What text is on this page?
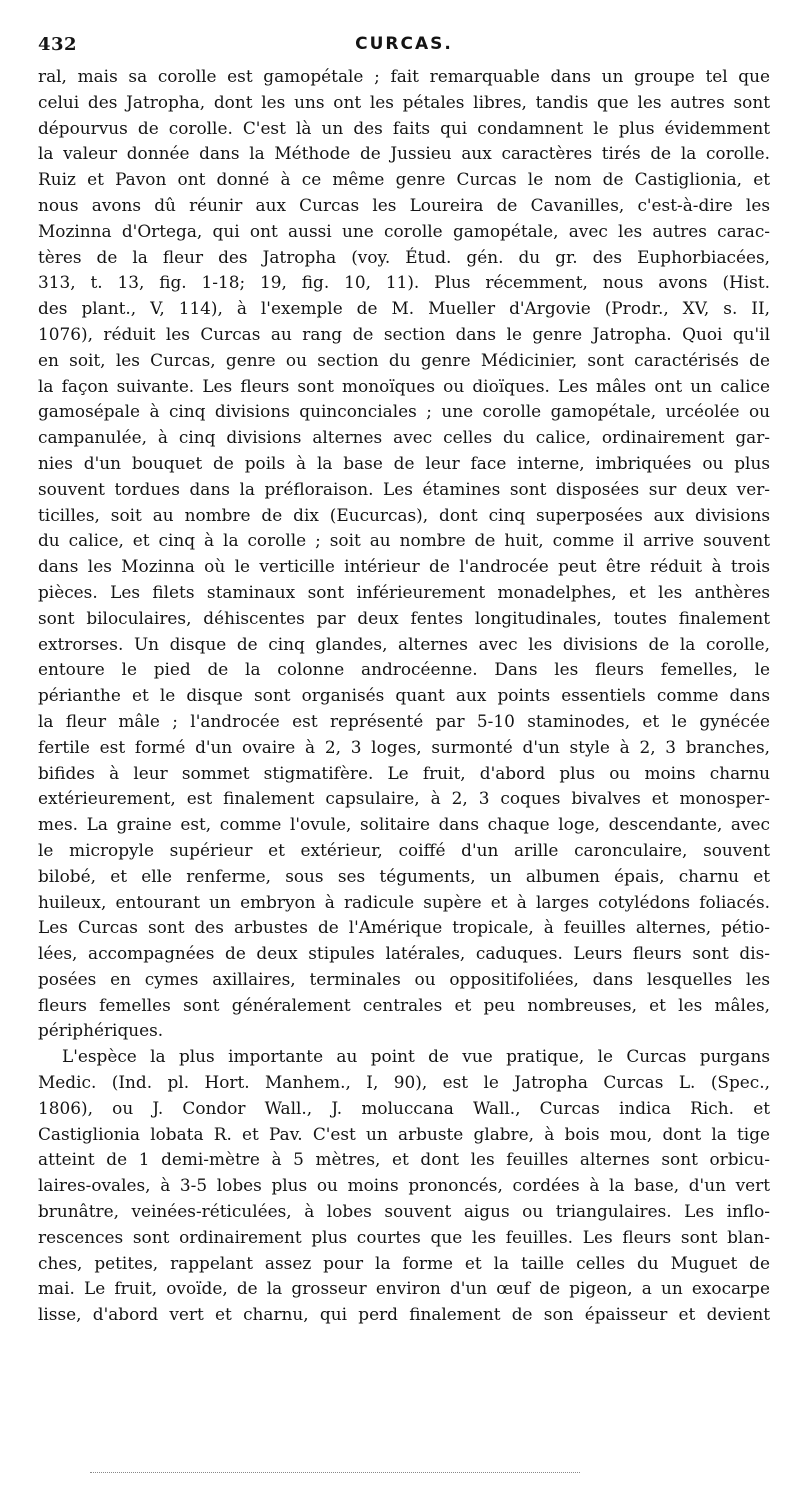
432	CURCAS.
ral, mais sa corolle est gamopétale ; fait remarquable dans un groupe tel que
celui des Jatropha, dont les uns ont les pétales libres, tandis que les autres sont
dépourvus de corolle. C'est là un des faits qui condamnent le plus évidemment
la valeur donnée dans la Méthode de Jussieu aux caractères tirés de la corolle.
Ruiz et Pavon ont donné à ce même genre Curcas le nom de Castiglionia, et
nous avons dû réunir aux Curcas les Loureira de Cavanilles, c'est-à-dire les
Mozinna d'Ortega, qui ont aussi une corolle gamopétale, avec les autres carac-
tères de la fleur des Jatropha (voy. Étud. gén. du gr. des Euphorbiacées,
313, t. 13, fig. 1-18; 19, fig. 10, 11). Plus récemment, nous avons (Hist.
des plant., V, 114), à l'exemple de M. Mueller d'Argovie (Prodr., XV, s. II,
1076), réduit les Curcas au rang de section dans le genre Jatropha. Quoi qu'il
en soit, les Curcas, genre ou section du genre Médicinier, sont caractérisés de
la façon suivante. Les fleurs sont monoïques ou dioïques. Les mâles ont un calice
gamosépale à cinq divisions quinconciales ; une corolle gamopétale, urcéolée ou
campanulée, à cinq divisions alternes avec celles du calice, ordinairement gar-
nies d'un bouquet de poils à la base de leur face interne, imbriquées ou plus
souvent tordues dans la préfloraison. Les étamines sont disposées sur deux ver-
ticilles, soit au nombre de dix (Eucurcas), dont cinq superposées aux divisions
du calice, et cinq à la corolle ; soit au nombre de huit, comme il arrive souvent
dans les Mozinna où le verticille intérieur de l'androcée peut être réduit à trois
pièces. Les filets staminaux sont inférieurement monadelphes, et les anthères
sont biloculaires, déhiscentes par deux fentes longitudinales, toutes finalement
extrorses. Un disque de cinq glandes, alternes avec les divisions de la corolle,
entoure le pied de la colonne androcéenne. Dans les fleurs femelles, le
périanthe et le disque sont organisés quant aux points essentiels comme dans
la fleur mâle ; l'androcée est représenté par 5-10 staminodes, et le gynécée
fertile est formé d'un ovaire à 2, 3 loges, surmonté d'un style à 2, 3 branches,
bifides à leur sommet stigmatifère. Le fruit, d'abord plus ou moins charnu
extérieurement, est finalement capsulaire, à 2, 3 coques bivalves et monosper-
mes. La graine est, comme l'ovule, solitaire dans chaque loge, descendante, avec
le micropyle supérieur et extérieur, coiffé d'un arille caronculaire, souvent
bilobé, et elle renferme, sous ses téguments, un albumen épais, charnu et
huileux, entourant un embryon à radicule supère et à larges cotylédons foliacés.
Les Curcas sont des arbustes de l'Amérique tropicale, à feuilles alternes, pétio-
lées, accompagnées de deux stipules latérales, caduques. Leurs fleurs sont dis-
posées en cymes axillaires, terminales ou oppositifoliées, dans lesquelles les
fleurs femelles sont généralement centrales et peu nombreuses, et les mâles,
périphériques.
L'espèce la plus importante au point de vue pratique, le Curcas purgans
Medic. (Ind. pl. Hort. Manhem., I, 90), est le Jatropha Curcas L. (Spec.,
1806), ou J. Condor Wall., J. moluccana Wall., Curcas indica Rich. et
Castiglionia lobata R. et Pav. C'est un arbuste glabre, à bois mou, dont la tige
atteint de 1 demi-mètre à 5 mètres, et dont les feuilles alternes sont orbicu-
laires-ovales, à 3-5 lobes plus ou moins prononcés, cordées à la base, d'un vert
brunâtre, veinées-réticulées, à lobes souvent aigus ou triangulaires. Les inflo-
rescences sont ordinairement plus courtes que les feuilles. Les fleurs sont blan-
ches, petites, rappelant assez pour la forme et la taille celles du Muguet de
mai. Le fruit, ovoïde, de la grosseur environ d'un œuf de pigeon, a un exocarpe
lisse, d'abord vert et charnu, qui perd finalement de son épaisseur et devient
